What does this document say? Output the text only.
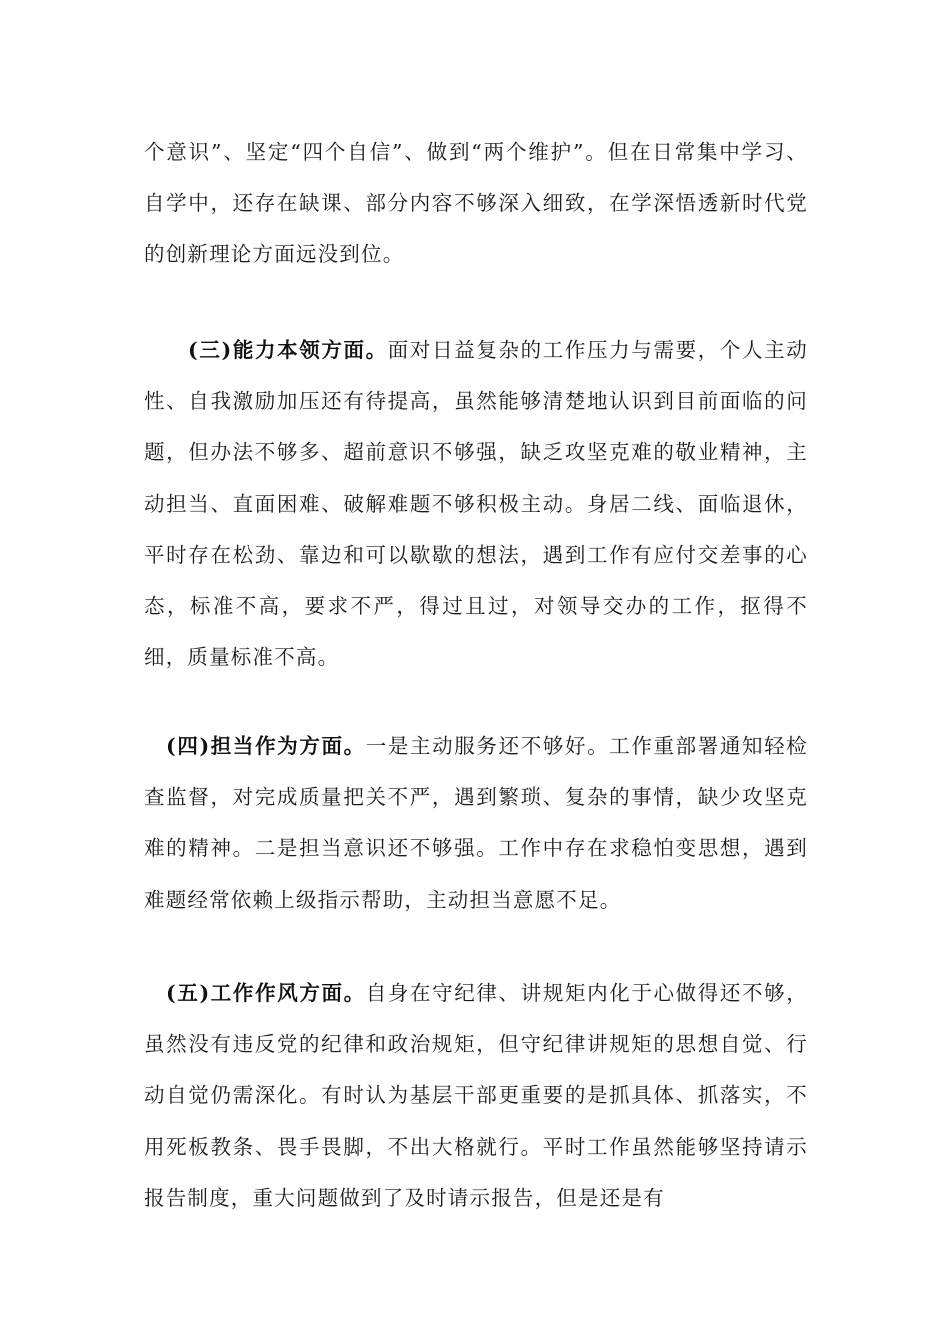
个意识”、坚定“四个自信”、做到“两个维护”。但在日常集中学习、自学中，还存在缺课、部分内容不够深入细致，在学深悟透新时代党的创新理论方面远没到位。

(三)能力本领方面。面对日益复杂的工作压力与需要，个人主动性、自我激励加压还有待提高，虽然能够清楚地认识到目前面临的问题，但办法不够多、超前意识不够强，缺乏攻坚克难的敬业精神，主动担当、直面困难、破解难题不够积极主动。身居二线、面临退休，平时存在松劲、靠边和可以歇歇的想法，遇到工作有应付交差事的心态，标准不高，要求不严，得过且过，对领导交办的工作，抠得不细，质量标准不高。

(四)担当作为方面。一是主动服务还不够好。工作重部署通知轻检查监督，对完成质量把关不严，遇到繁琐、复杂的事情，缺少攻坚克难的精神。二是担当意识还不够强。工作中存在求稳怕变思想，遇到难题经常依赖上级指示帮助，主动担当意愿不足。

(五)工作作风方面。自身在守纪律、讲规矩内化于心做得还不够，虽然没有违反党的纪律和政治规矩，但守纪律讲规矩的思想自觉、行动自觉仍需深化。有时认为基层干部更重要的是抓具体、抓落实，不用死板教条、畏手畏脚，不出大格就行。平时工作虽然能够坚持请示报告制度，重大问题做到了及时请示报告，但是还是有
